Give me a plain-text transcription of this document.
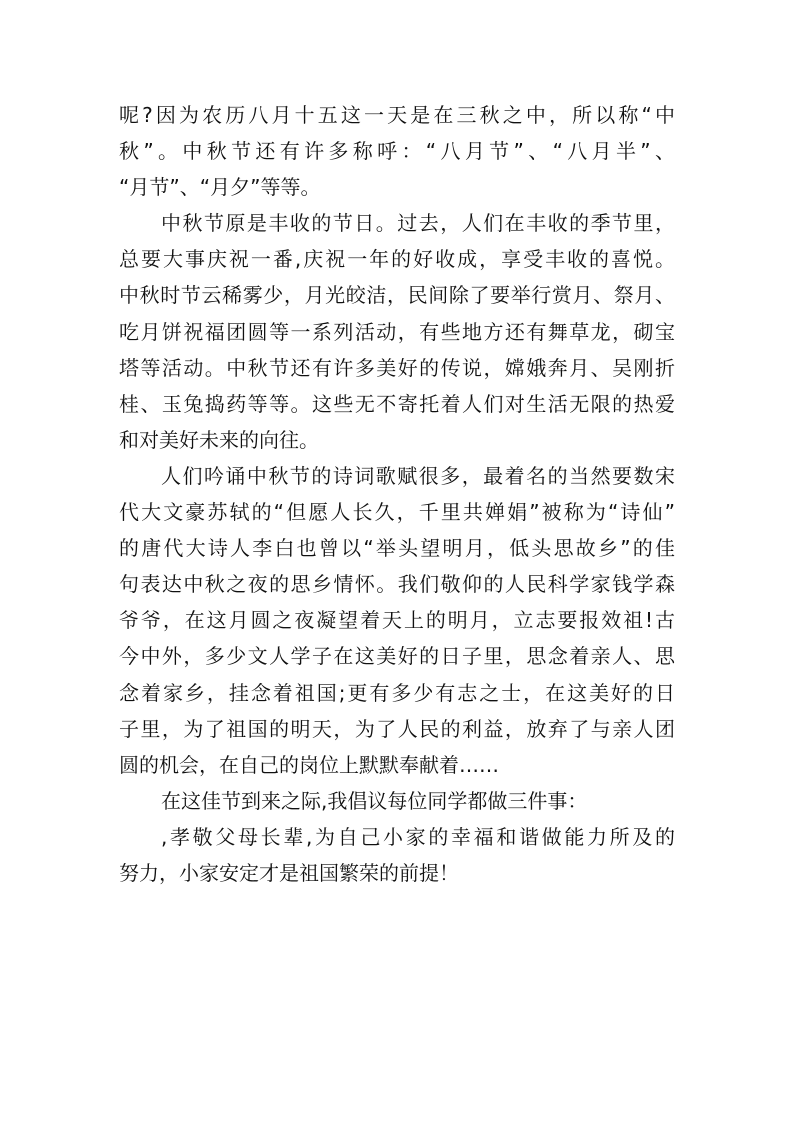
呢?因为农历八月十五这一天是在三秋之中，所以称“中
秋”。中秋节还有许多称呼：“八月节”、“八月半”、
“月节”、“月夕”等等。
中秋节原是丰收的节日。过去，人们在丰收的季节里，
总要大事庆祝一番,庆祝一年的好收成，享受丰收的喜悦。
中秋时节云稀雾少，月光皎洁，民间除了要举行赏月、祭月、
吃月饼祝福团圆等一系列活动，有些地方还有舞草龙，砌宝
塔等活动。中秋节还有许多美好的传说，嫦娥奔月、吴刚折
桂、玉兔捣药等等。这些无不寄托着人们对生活无限的热爱
和对美好未来的向往。
人们吟诵中秋节的诗词歌赋很多，最着名的当然要数宋
代大文豪苏轼的“但愿人长久，千里共婵娟”被称为“诗仙”
的唐代大诗人李白也曾以“举头望明月，低头思故乡”的佳
句表达中秋之夜的思乡情怀。我们敬仰的人民科学家钱学森
爷爷，在这月圆之夜凝望着天上的明月，立志要报效祖!古
今中外，多少文人学子在这美好的日子里，思念着亲人、思
念着家乡，挂念着祖国;更有多少有志之士，在这美好的日
子里，为了祖国的明天，为了人民的利益，放弃了与亲人团
圆的机会，在自己的岗位上默默奉献着……
在这佳节到来之际,我倡议每位同学都做三件事：
,孝敬父母长辈,为自己小家的幸福和谐做能力所及的
努力，小家安定才是祖国繁荣的前提！
